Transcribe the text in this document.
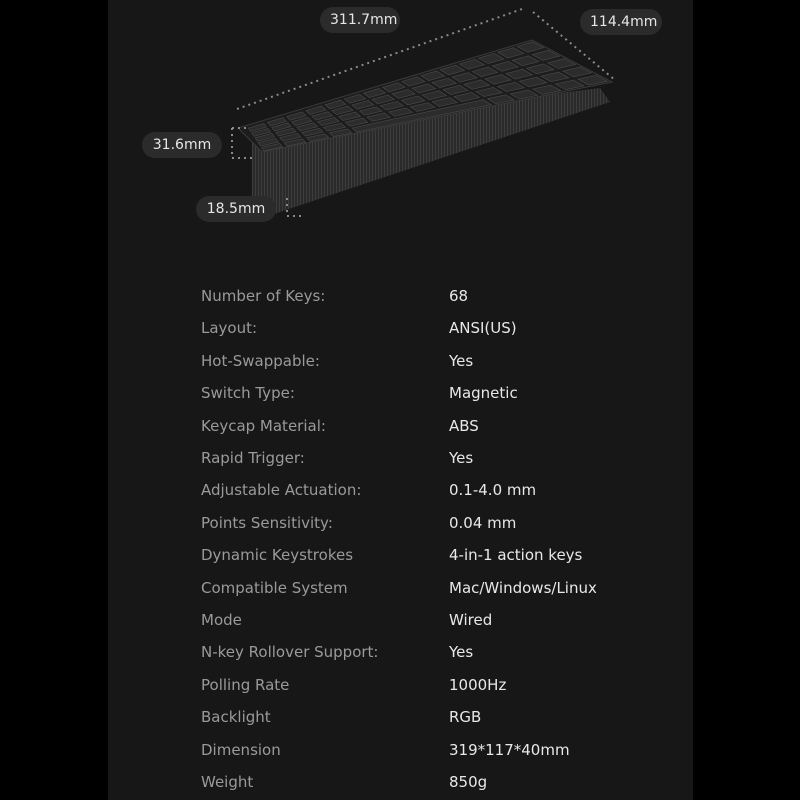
311.7mm	114.4mm
31.6mm
18.5mm
Number of Keys:	68
Layout:	ANSI(US)
Hot-Swappable:	Yes
Switch Type:	Magnetic
Keycap Material:	ABS
Rapid Trigger:	Yes
Adjustable Actuation:	0.1-4.0 mm
Points Sensitivity:	0.04 mm
Dynamic Keystrokes	4-in-1 action keys
Compatible System	Mac/Windows/Linux
Mode	Wired
N-key Rollover Support:	Yes
Polling Rate	1000Hz
Backlight	RGB
Dimension	319*117*40mm
Weight	850g
